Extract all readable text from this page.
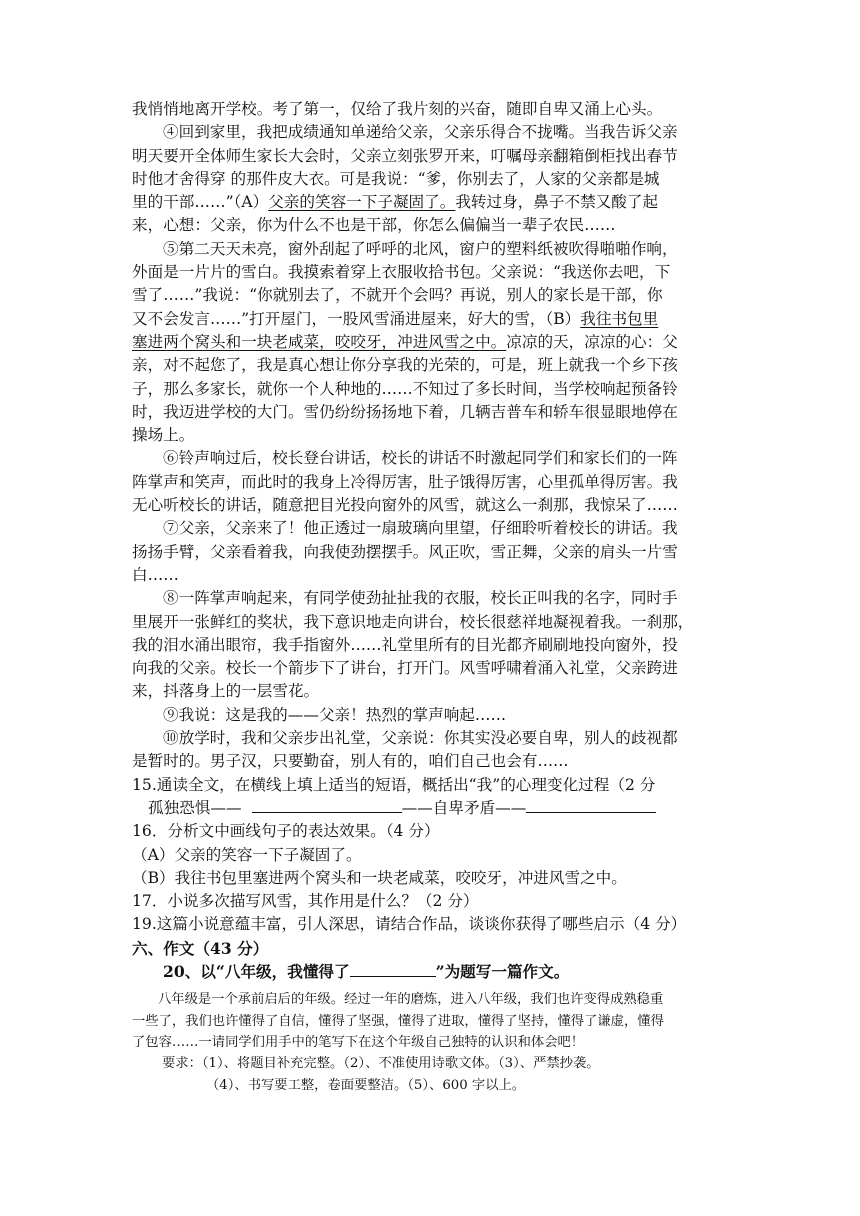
我悄悄地离开学校。考了第一，仅给了我片刻的兴奋，随即自卑又涌上心头。
④回到家里，我把成绩通知单递给父亲，父亲乐得合不拢嘴。当我告诉父亲
明天要开全体师生家长大会时，父亲立刻张罗开来，叮嘱母亲翻箱倒柜找出春节
时他才舍得穿 的那件皮大衣。可是我说：“爹，你别去了，人家的父亲都是城
里的干部……”（A）父亲的笑容一下子凝固了。我转过身，鼻子不禁又酸了起
来，心想：父亲，你为什么不也是干部，你怎么偏偏当一辈子农民……
⑤第二天天未亮，窗外刮起了呼呼的北风，窗户的塑料纸被吹得啪啪作响，
外面是一片片的雪白。我摸索着穿上衣服收拾书包。父亲说：“我送你去吧，下
雪了……”我说：“你就别去了，不就开个会吗？再说，别人的家长是干部，你
又不会发言……”打开屋门，一股风雪涌进屋来，好大的雪，（B）我往书包里
塞进两个窝头和一块老咸菜，咬咬牙，冲进风雪之中。凉凉的天，凉凉的心：父
亲，对不起您了，我是真心想让你分享我的光荣的，可是，班上就我一个乡下孩
子，那么多家长，就你一个人种地的……不知过了多长时间，当学校响起预备铃
时，我迈进学校的大门。雪仍纷纷扬扬地下着，几辆吉普车和轿车很显眼地停在
操场上。
⑥铃声响过后，校长登台讲话，校长的讲话不时激起同学们和家长们的一阵
阵掌声和笑声，而此时的我身上冷得厉害，肚子饿得厉害，心里孤单得厉害。我
无心听校长的讲话，随意把目光投向窗外的风雪，就这么一刹那，我惊呆了……
⑦父亲，父亲来了！他正透过一扇玻璃向里望，仔细聆听着校长的讲话。我
扬扬手臂，父亲看着我，向我使劲摆摆手。风正吹，雪正舞，父亲的肩头一片雪
白……
⑧一阵掌声响起来，有同学使劲扯扯我的衣服，校长正叫我的名字，同时手
里展开一张鲜红的奖状，我下意识地走向讲台，校长很慈祥地凝视着我。一刹那，
我的泪水涌出眼帘，我手指窗外……礼堂里所有的目光都齐刷刷地投向窗外，投
向我的父亲。校长一个箭步下了讲台，打开门。风雪呼啸着涌入礼堂，父亲跨进
来，抖落身上的一层雪花。
⑨我说：这是我的——父亲！热烈的掌声响起……
⑩放学时，我和父亲步出礼堂，父亲说：你其实没必要自卑，别人的歧视都
是暂时的。男子汉，只要勤奋，别人有的，咱们自己也会有……
15.通读全文，在横线上填上适当的短语，概括出“我”的心理变化过程（2 分
孤独恐惧——	——自卑矛盾——
16．分析文中画线句子的表达效果。（4 分）
（A）父亲的笑容一下子凝固了。
（B）我往书包里塞进两个窝头和一块老咸菜，咬咬牙，冲进风雪之中。
17．小说多次描写风雪，其作用是什么？（2 分）
19.这篇小说意蕴丰富，引人深思，请结合作品，谈谈你获得了哪些启示（4 分）
六、作文（43 分）
20、以“八年级，我懂得了	”为题写一篇作文。
八年级是一个承前启后的年级。经过一年的磨炼，进入八年级，我们也许变得成熟稳重
一些了，我们也许懂得了自信，懂得了坚强，懂得了进取，懂得了坚持，懂得了谦虚，懂得
了包容……一请同学们用手中的笔写下在这个年级自己独特的认识和体会吧！
要求：（1）、将题目补充完整。（2）、不准使用诗歌文体。（3）、严禁抄袭。
（4）、书写要工整，卷面要整洁。（5）、600 字以上。
